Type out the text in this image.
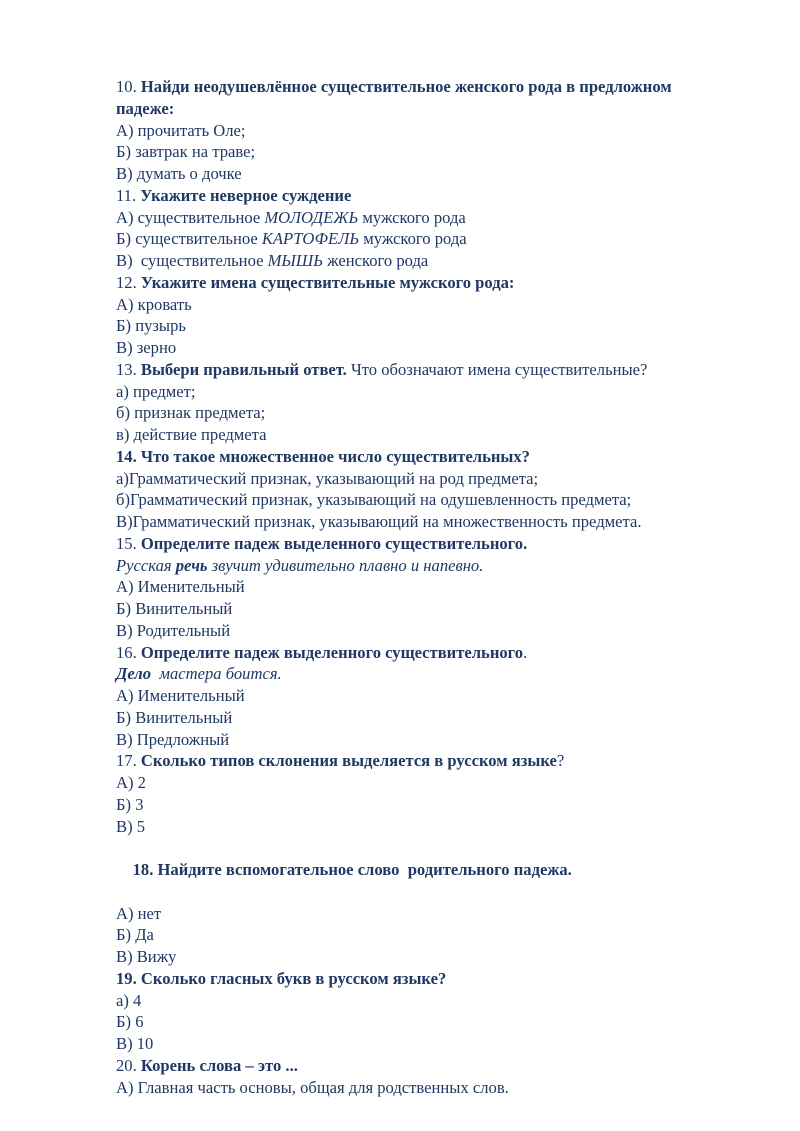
10. Найди неодушевлённое существительное женского рода в предложном падеже:
А) прочитать Оле;
Б) завтрак на траве;
В) думать о дочке
11. Укажите неверное суждение
А) существительное МОЛОДЕЖЬ мужского рода
Б) существительное КАРТОФЕЛЬ мужского рода
В)  существительное МЫШЬ женского рода
12. Укажите имена существительные мужского рода:
А) кровать
Б) пузырь
В) зерно
13. Выбери правильный ответ. Что обозначают имена существительные?
а) предмет;
б) признак предмета;
в) действие предмета
14. Что такое множественное число существительных?
а)Грамматический признак, указывающий на род предмета;
б)Грамматический признак, указывающий на одушевленность предмета;
В)Грамматический признак, указывающий на множественность предмета.
15. Определите падеж выделенного существительного.
Русская речь звучит удивительно плавно и напевно.
А) Именительный
Б) Винительный
В) Родительный
16. Определите падеж выделенного существительного.
Дело  мастера боится.
А) Именительный
Б) Винительный
В) Предложный
17. Сколько типов склонения выделяется в русском языке?
А) 2
Б) 3
В) 5

18. Найдите вспомогательное слово  родительного падежа.

А) нет
Б) Да
В) Вижу
19. Сколько гласных букв в русском языке?
а) 4
Б) 6
В) 10
20. Корень слова – это ...
А) Главная часть основы, общая для родственных слов.
